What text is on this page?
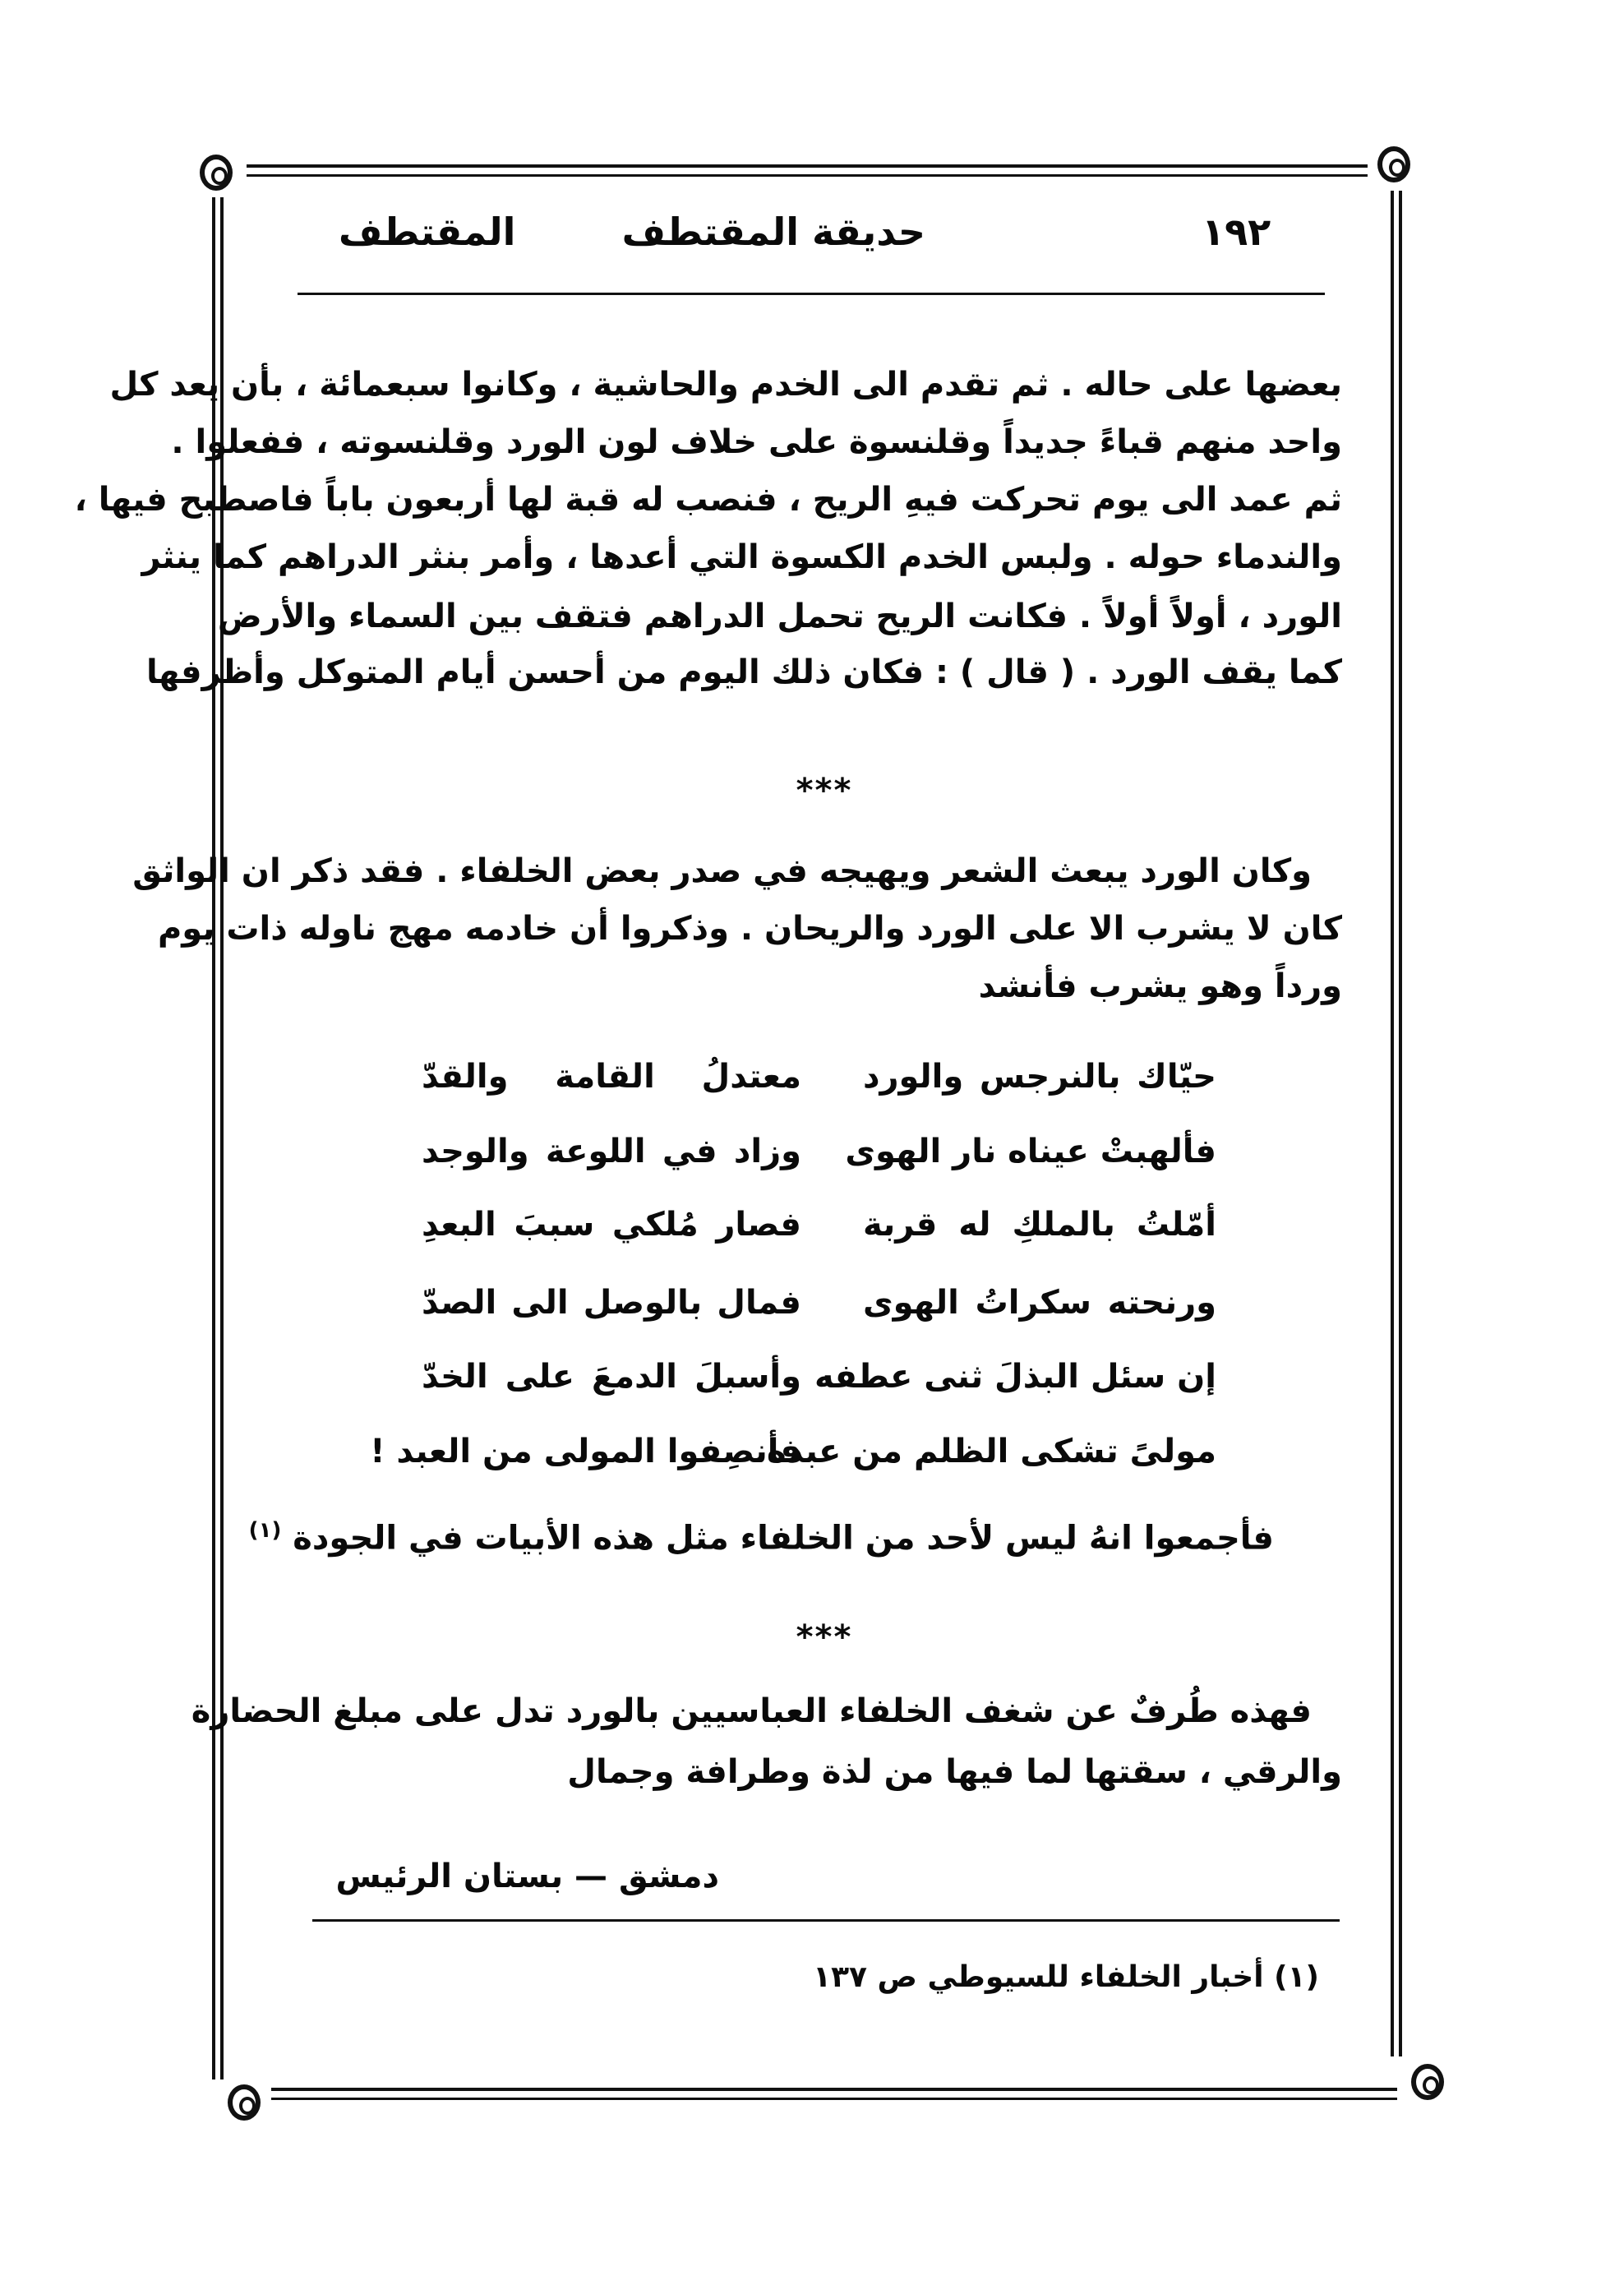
١٩٢
حديقة المقتطف
المقتطف
بعضها على حاله . ثم تقدم الى الخدم والحاشية ، وكانوا سبعمائة ، بأن يعد كل
واحد منهم قباءً جديداً وقلنسوة على خلاف لون الورد وقلنسوته ، ففعلوا .
ثم عمد الى يوم تحركت فيهِ الريح ، فنصب له قبة لها أربعون باباً فاصطبح فيها ،
والندماء حوله . ولبس الخدم الكسوة التي أعدها ، وأمر بنثر الدراهم كما ينثر
الورد ، أولاً أولاً . فكانت الريح تحمل الدراهم فتقف بين السماء والأرض
كما يقف الورد . ( قال ) : فكان ذلك اليوم من أحسن أيام المتوكل وأظرفها
***
وكان الورد يبعث الشعر ويهيجه في صدر بعض الخلفاء . فقد ذكر ان الواثق
كان لا يشرب الا على الورد والريحان . وذكروا أن خادمه مهج ناوله ذات يوم
ورداً وهو يشرب فأنشد
حيّاك بالنرجس والورد
معتدلُ القامة والقدّ
فألهبتْ عيناه نار الهوى
وزاد في اللوعة والوجد
أمّلتُ بالملكِ له قربة
فصار مُلكي سببَ البعدِ
ورنحته سكراتُ الهوى
فمال بالوصل الى الصدّ
إن سئل البذلَ ثنى عطفه
وأسبلَ الدمعَ على الخدّ
مولىً تشكى الظلم من عبده
فأنصِفوا المولى من العبد !
فأجمعوا انهُ ليس لأحد من الخلفاء مثل هذه الأبيات في الجودة $^{(١)}$
***
فهذه طُرفٌ عن شغف الخلفاء العباسيين بالورد تدل على مبلغ الحضارة
والرقي ، سقتها لما فيها من لذة وطرافة وجمال
دمشق — بستان الرئيس
(١) أخبار الخلفاء للسيوطي ص ١٣٧
